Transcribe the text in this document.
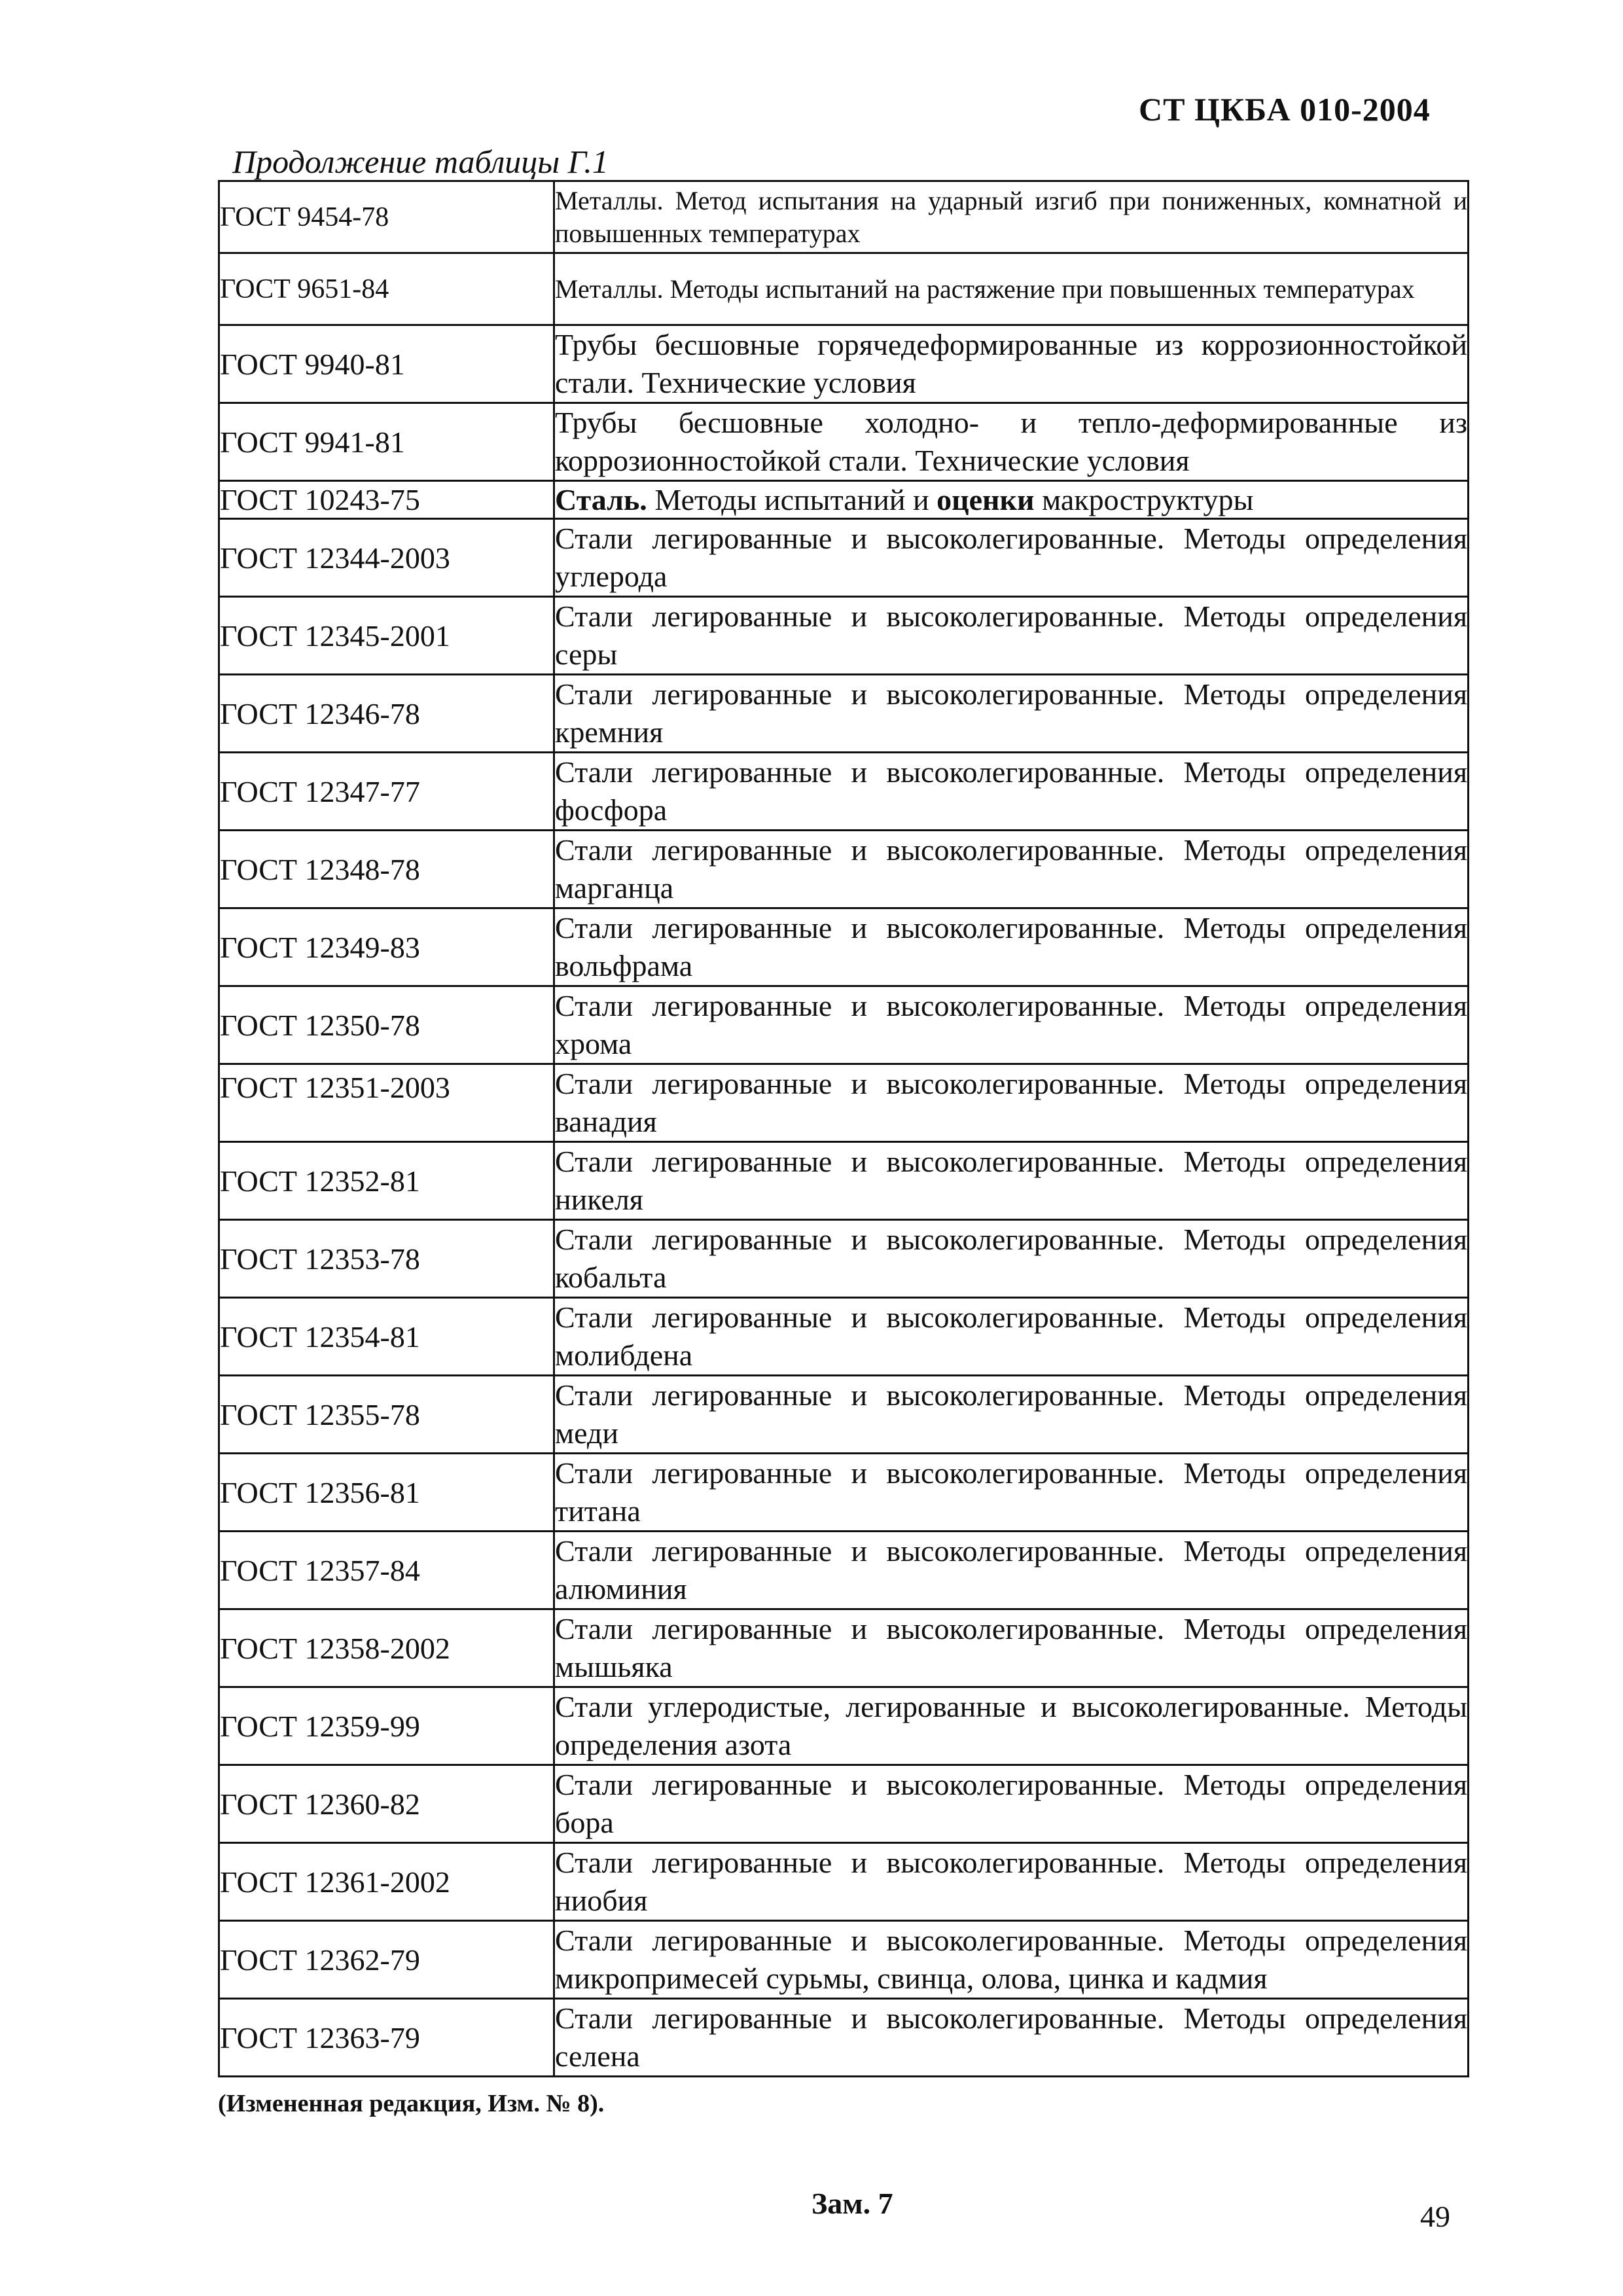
СТ ЦКБА 010-2004
Продолжение таблицы Г.1
ГОСТ 9454-78	Металлы. Метод испытания на ударный изгиб при пониженных, комнатной и повышенных температурах
ГОСТ 9651-84	Металлы. Методы испытаний на растяжение при повышенных температурах
ГОСТ 9940-81	Трубы бесшовные горячедеформированные из коррозионностойкой стали. Технические условия
ГОСТ 9941-81	Трубы бесшовные холодно- и тепло-деформированные из коррозионностойкой стали. Технические условия
ГОСТ 10243-75	Сталь. Методы испытаний и оценки макроструктуры
ГОСТ 12344-2003	Стали легированные и высоколегированные. Методы определения углерода
ГОСТ 12345-2001	Стали легированные и высоколегированные. Методы определения серы
ГОСТ 12346-78	Стали легированные и высоколегированные. Методы определения кремния
ГОСТ 12347-77	Стали легированные и высоколегированные. Методы определения фосфора
ГОСТ 12348-78	Стали легированные и высоколегированные. Методы определения марганца
ГОСТ 12349-83	Стали легированные и высоколегированные. Методы определения вольфрама
ГОСТ 12350-78	Стали легированные и высоколегированные. Методы определения хрома
ГОСТ 12351-2003	Стали легированные и высоколегированные. Методы определения ванадия
ГОСТ 12352-81	Стали легированные и высоколегированные. Методы определения никеля
ГОСТ 12353-78	Стали легированные и высоколегированные. Методы определения кобальта
ГОСТ 12354-81	Стали легированные и высоколегированные. Методы определения молибдена
ГОСТ 12355-78	Стали легированные и высоколегированные. Методы определения меди
ГОСТ 12356-81	Стали легированные и высоколегированные. Методы определения титана
ГОСТ 12357-84	Стали легированные и высоколегированные. Методы определения алюминия
ГОСТ 12358-2002	Стали легированные и высоколегированные. Методы определения мышьяка
ГОСТ 12359-99	Стали углеродистые, легированные и высоколегированные. Методы определения азота
ГОСТ 12360-82	Стали легированные и высоколегированные. Методы определения бора
ГОСТ 12361-2002	Стали легированные и высоколегированные. Методы определения ниобия
ГОСТ 12362-79	Стали легированные и высоколегированные. Методы определения микропримесей сурьмы, свинца, олова, цинка и кадмия
ГОСТ 12363-79	Стали легированные и высоколегированные. Методы определения селена
(Измененная редакция, Изм. № 8).
Зам. 7	49
